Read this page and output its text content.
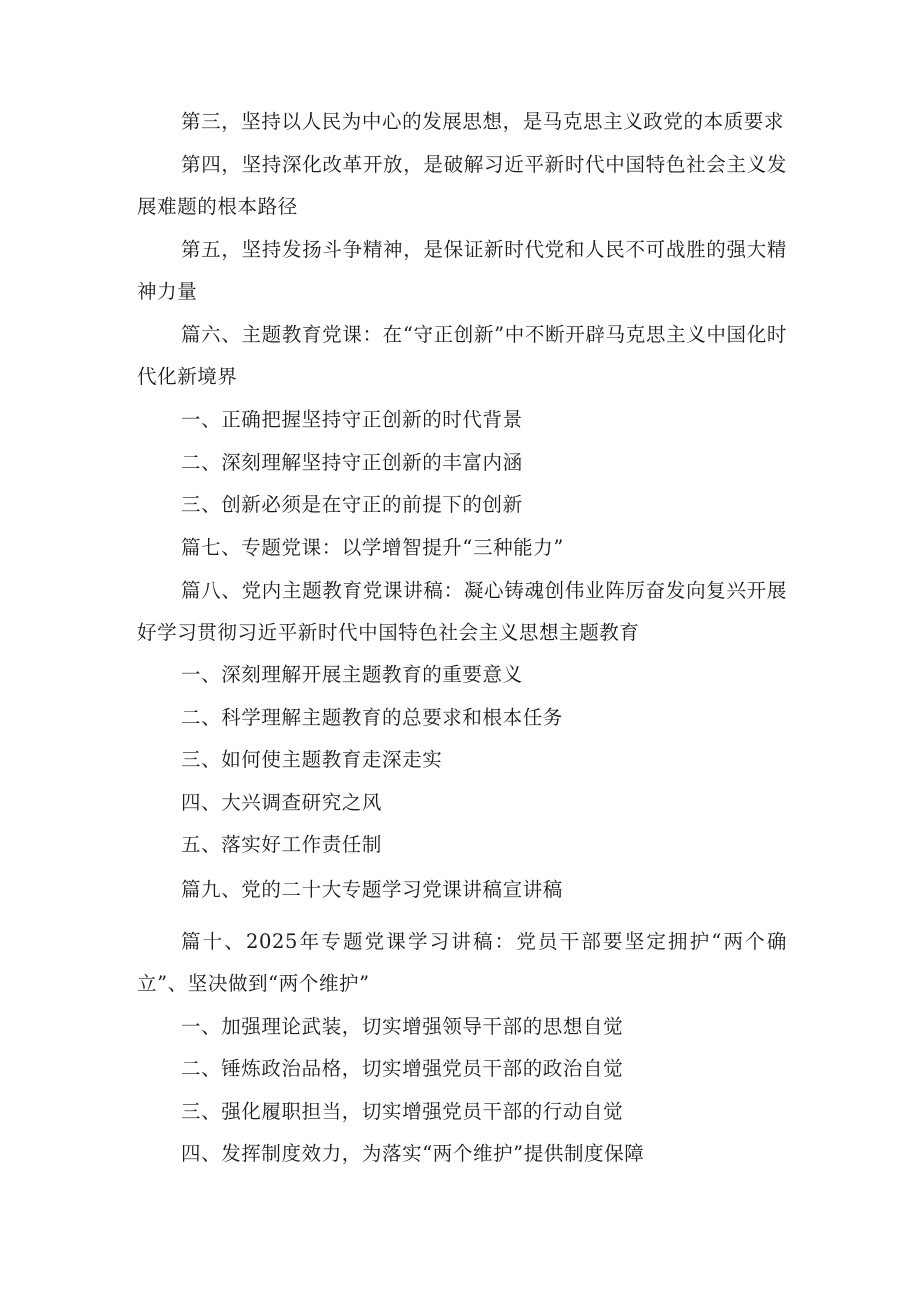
第三，坚持以人民为中心的发展思想，是马克思主义政党的本质要求

第四，坚持深化改革开放，是破解习近平新时代中国特色社会主义发展难题的根本路径

第五，坚持发扬斗争精神，是保证新时代党和人民不可战胜的强大精神力量

篇六、主题教育党课：在“守正创新”中不断开辟马克思主义中国化时代化新境界

一、正确把握坚持守正创新的时代背景

二、深刻理解坚持守正创新的丰富内涵

三、创新必须是在守正的前提下的创新

篇七、专题党课：以学增智提升“三种能力”

篇八、党内主题教育党课讲稿：凝心铸魂创伟业阵厉奋发向复兴开展好学习贯彻习近平新时代中国特色社会主义思想主题教育

一、深刻理解开展主题教育的重要意义

二、科学理解主题教育的总要求和根本任务

三、如何使主题教育走深走实

四、大兴调查研究之风

五、落实好工作责任制

篇九、党的二十大专题学习党课讲稿宣讲稿

篇十、2025年专题党课学习讲稿：党员干部要坚定拥护“两个确立”、坚决做到“两个维护”

一、加强理论武装，切实增强领导干部的思想自觉

二、锤炼政治品格，切实增强党员干部的政治自觉

三、强化履职担当，切实增强党员干部的行动自觉

四、发挥制度效力，为落实“两个维护”提供制度保障
